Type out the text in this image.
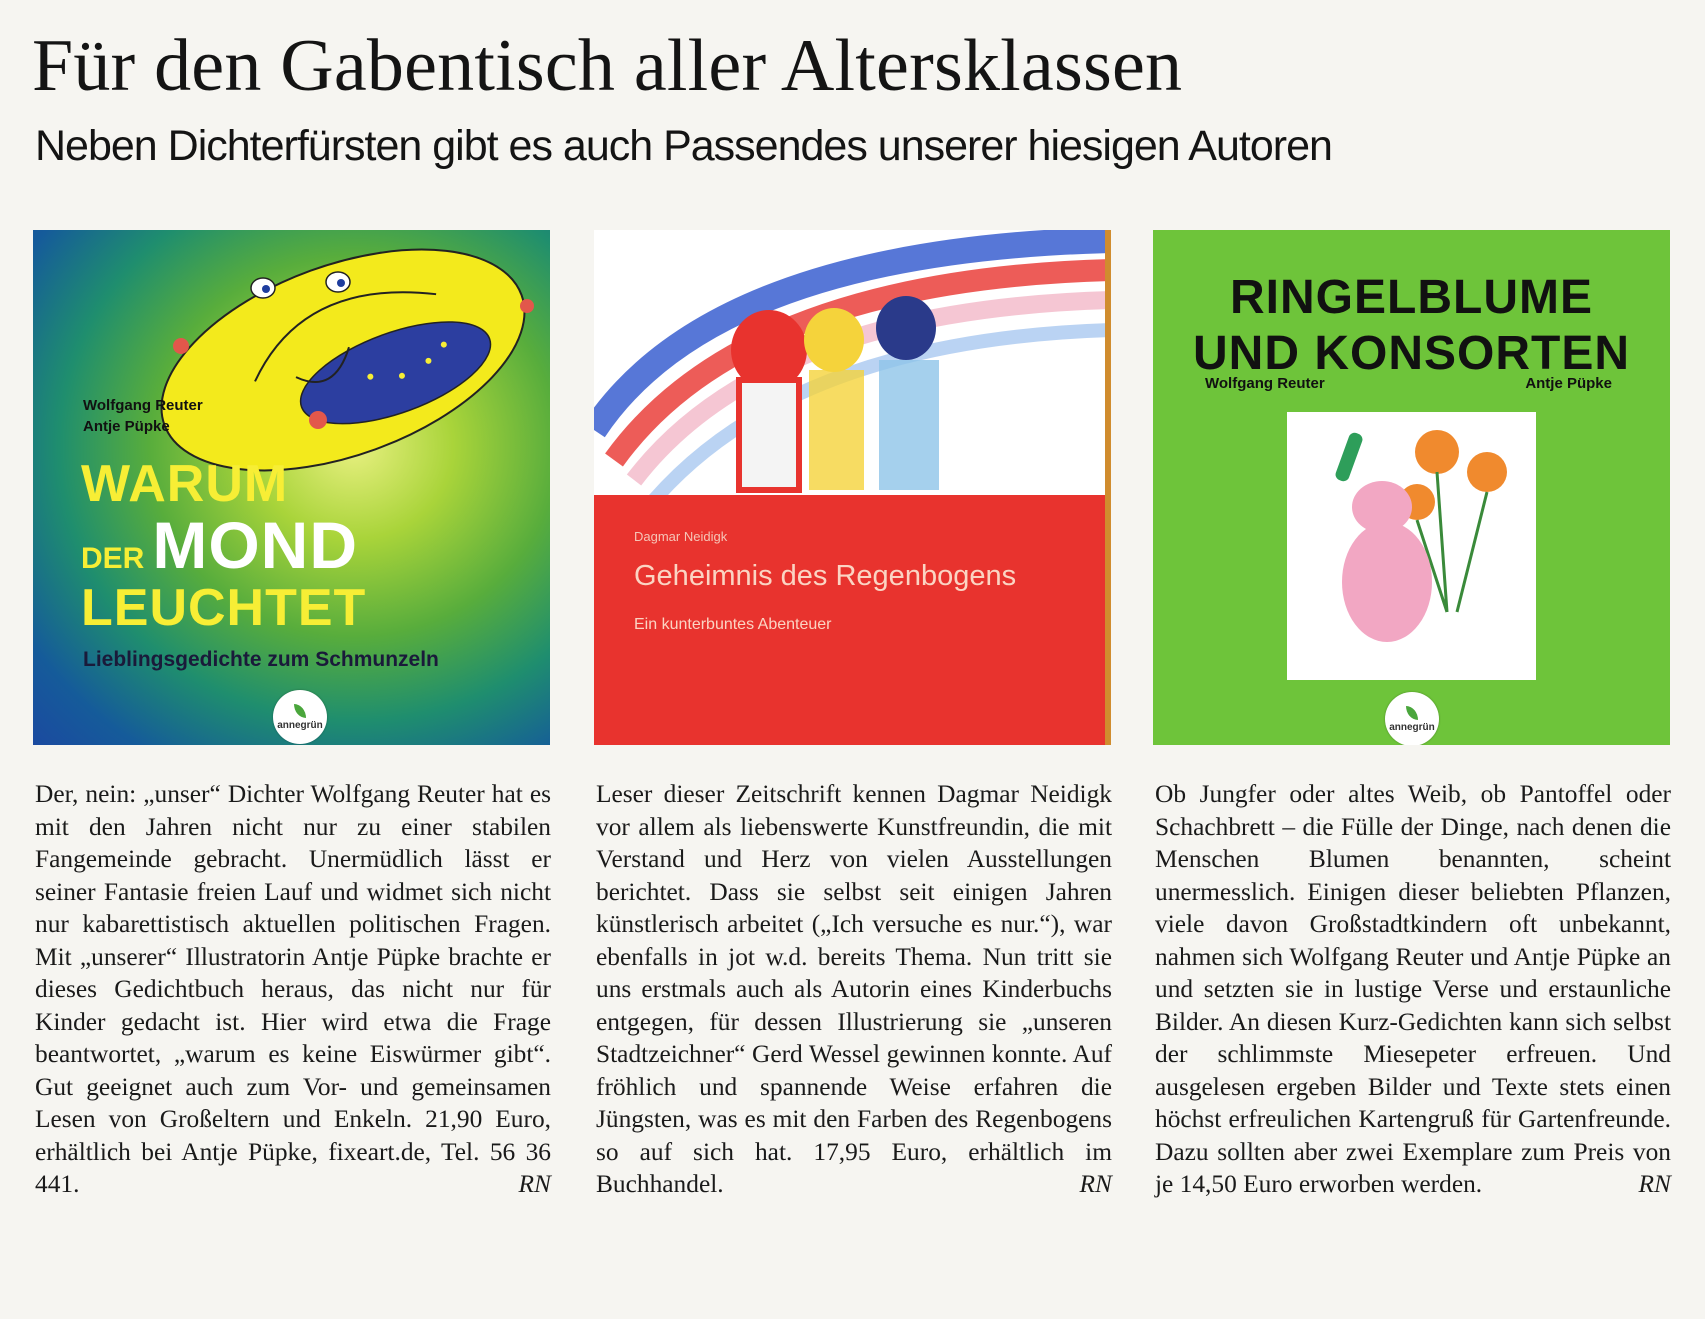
Für den Gabentisch aller Altersklassen
Neben Dichterfürsten gibt es auch Passendes unserer hiesigen Autoren
Wolfgang Reuter
Antje Püpke
WARUM
DER MOND
LEUCHTET
Lieblingsgedichte zum Schmunzeln
annegrün
Dagmar Neidigk
Geheimnis des Regenbogens
Ein kunterbuntes Abenteuer
RINGELBLUME
UND KONSORTEN
Wolfgang Reuter	Antje Püpke
annegrün

Der, nein: „unser“ Dichter Wolfgang Reuter hat es mit den Jahren nicht nur zu einer stabilen Fangemeinde gebracht. Unermüdlich lässt er seiner Fantasie freien Lauf und widmet sich nicht nur kabarettistisch aktuellen politischen Fragen. Mit „unserer“ Illustratorin Antje Püpke brachte er dieses Gedichtbuch heraus, das nicht nur für Kinder gedacht ist. Hier wird etwa die Frage beantwortet, „warum es keine Eiswürmer gibt“. Gut geeignet auch zum Vor- und gemeinsamen Lesen von Großeltern und Enkeln. 21,90 Euro, erhältlich bei Antje Püpke, fixeart.de, Tel. 56 36 441.	RN

Leser dieser Zeitschrift kennen Dagmar Neidigk vor allem als liebenswerte Kunstfreundin, die mit Verstand und Herz von vielen Ausstellungen berichtet. Dass sie selbst seit einigen Jahren künstlerisch arbeitet („Ich versuche es nur.“), war ebenfalls in jot w.d. bereits Thema. Nun tritt sie uns erstmals auch als Autorin eines Kinderbuchs entgegen, für dessen Illustrierung sie „unseren Stadtzeichner“ Gerd Wessel gewinnen konnte. Auf fröhlich und spannende Weise erfahren die Jüngsten, was es mit den Farben des Regenbogens so auf sich hat. 17,95 Euro, erhältlich im Buchhandel.	RN

Ob Jungfer oder altes Weib, ob Pantoffel oder Schachbrett – die Fülle der Dinge, nach denen die Menschen Blumen benannten, scheint unermesslich. Einigen dieser beliebten Pflanzen, viele davon Großstadtkindern oft unbekannt, nahmen sich Wolfgang Reuter und Antje Püpke an und setzten sie in lustige Verse und erstaunliche Bilder. An diesen Kurz-Gedichten kann sich selbst der schlimmste Miesepeter erfreuen. Und ausgelesen ergeben Bilder und Texte stets einen höchst erfreulichen Kartengruß für Gartenfreunde. Dazu sollten aber zwei Exemplare zum Preis von je 14,50 Euro erworben werden.	RN
